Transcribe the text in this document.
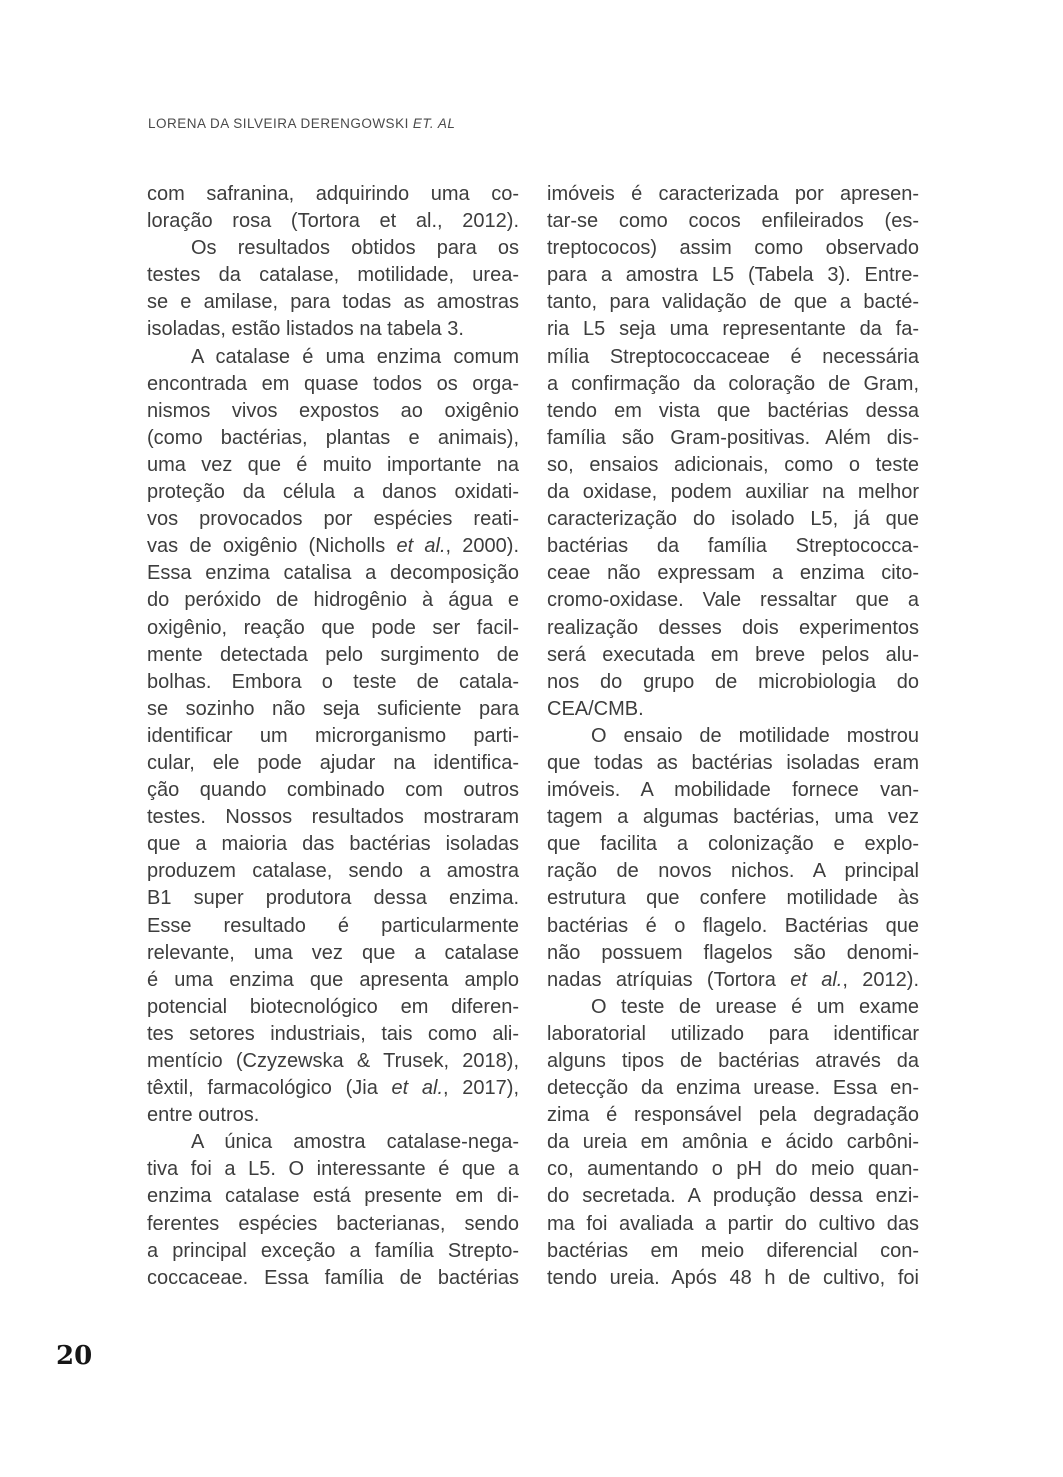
LORENA DA SILVEIRA DERENGOWSKI ET. AL
com safranina, adquirindo uma co-
loração rosa (Tortora et al., 2012).
Os resultados obtidos para os
testes da catalase, motilidade, urea-
se e amilase, para todas as amostras
isoladas, estão listados na tabela 3.
A catalase é uma enzima comum
encontrada em quase todos os orga-
nismos vivos expostos ao oxigênio
(como bactérias, plantas e animais),
uma vez que é muito importante na
proteção da célula a danos oxidati-
vos provocados por espécies reati-
vas de oxigênio (Nicholls et al., 2000).
Essa enzima catalisa a decomposição
do peróxido de hidrogênio à água e
oxigênio, reação que pode ser facil-
mente detectada pelo surgimento de
bolhas. Embora o teste de catala-
se sozinho não seja suficiente para
identificar um microrganismo parti-
cular, ele pode ajudar na identifica-
ção quando combinado com outros
testes. Nossos resultados mostraram
que a maioria das bactérias isoladas
produzem catalase, sendo a amostra
B1 super produtora dessa enzima.
Esse resultado é particularmente
relevante, uma vez que a catalase
é uma enzima que apresenta amplo
potencial biotecnológico em diferen-
tes setores industriais, tais como ali-
mentício (Czyzewska & Trusek, 2018),
têxtil, farmacológico (Jia et al., 2017),
entre outros.
A única amostra catalase-nega-
tiva foi a L5. O interessante é que a
enzima catalase está presente em di-
ferentes espécies bacterianas, sendo
a principal exceção a família Strepto-
coccaceae. Essa família de bactérias
imóveis é caracterizada por apresen-
tar-se como cocos enfileirados (es-
treptococos) assim como observado
para a amostra L5 (Tabela 3). Entre-
tanto, para validação de que a bacté-
ria L5 seja uma representante da fa-
mília Streptococcaceae é necessária
a confirmação da coloração de Gram,
tendo em vista que bactérias dessa
família são Gram-positivas. Além dis-
so, ensaios adicionais, como o teste
da oxidase, podem auxiliar na melhor
caracterização do isolado L5, já que
bactérias da família Streptococca-
ceae não expressam a enzima cito-
cromo-oxidase. Vale ressaltar que a
realização desses dois experimentos
será executada em breve pelos alu-
nos do grupo de microbiologia do
CEA/CMB.
O ensaio de motilidade mostrou
que todas as bactérias isoladas eram
imóveis. A mobilidade fornece van-
tagem a algumas bactérias, uma vez
que facilita a colonização e explo-
ração de novos nichos. A principal
estrutura que confere motilidade às
bactérias é o flagelo. Bactérias que
não possuem flagelos são denomi-
nadas atríquias (Tortora et al., 2012).
O teste de urease é um exame
laboratorial utilizado para identificar
alguns tipos de bactérias através da
detecção da enzima urease. Essa en-
zima é responsável pela degradação
da ureia em amônia e ácido carbôni-
co, aumentando o pH do meio quan-
do secretada. A produção dessa enzi-
ma foi avaliada a partir do cultivo das
bactérias em meio diferencial con-
tendo ureia. Após 48 h de cultivo, foi
20
